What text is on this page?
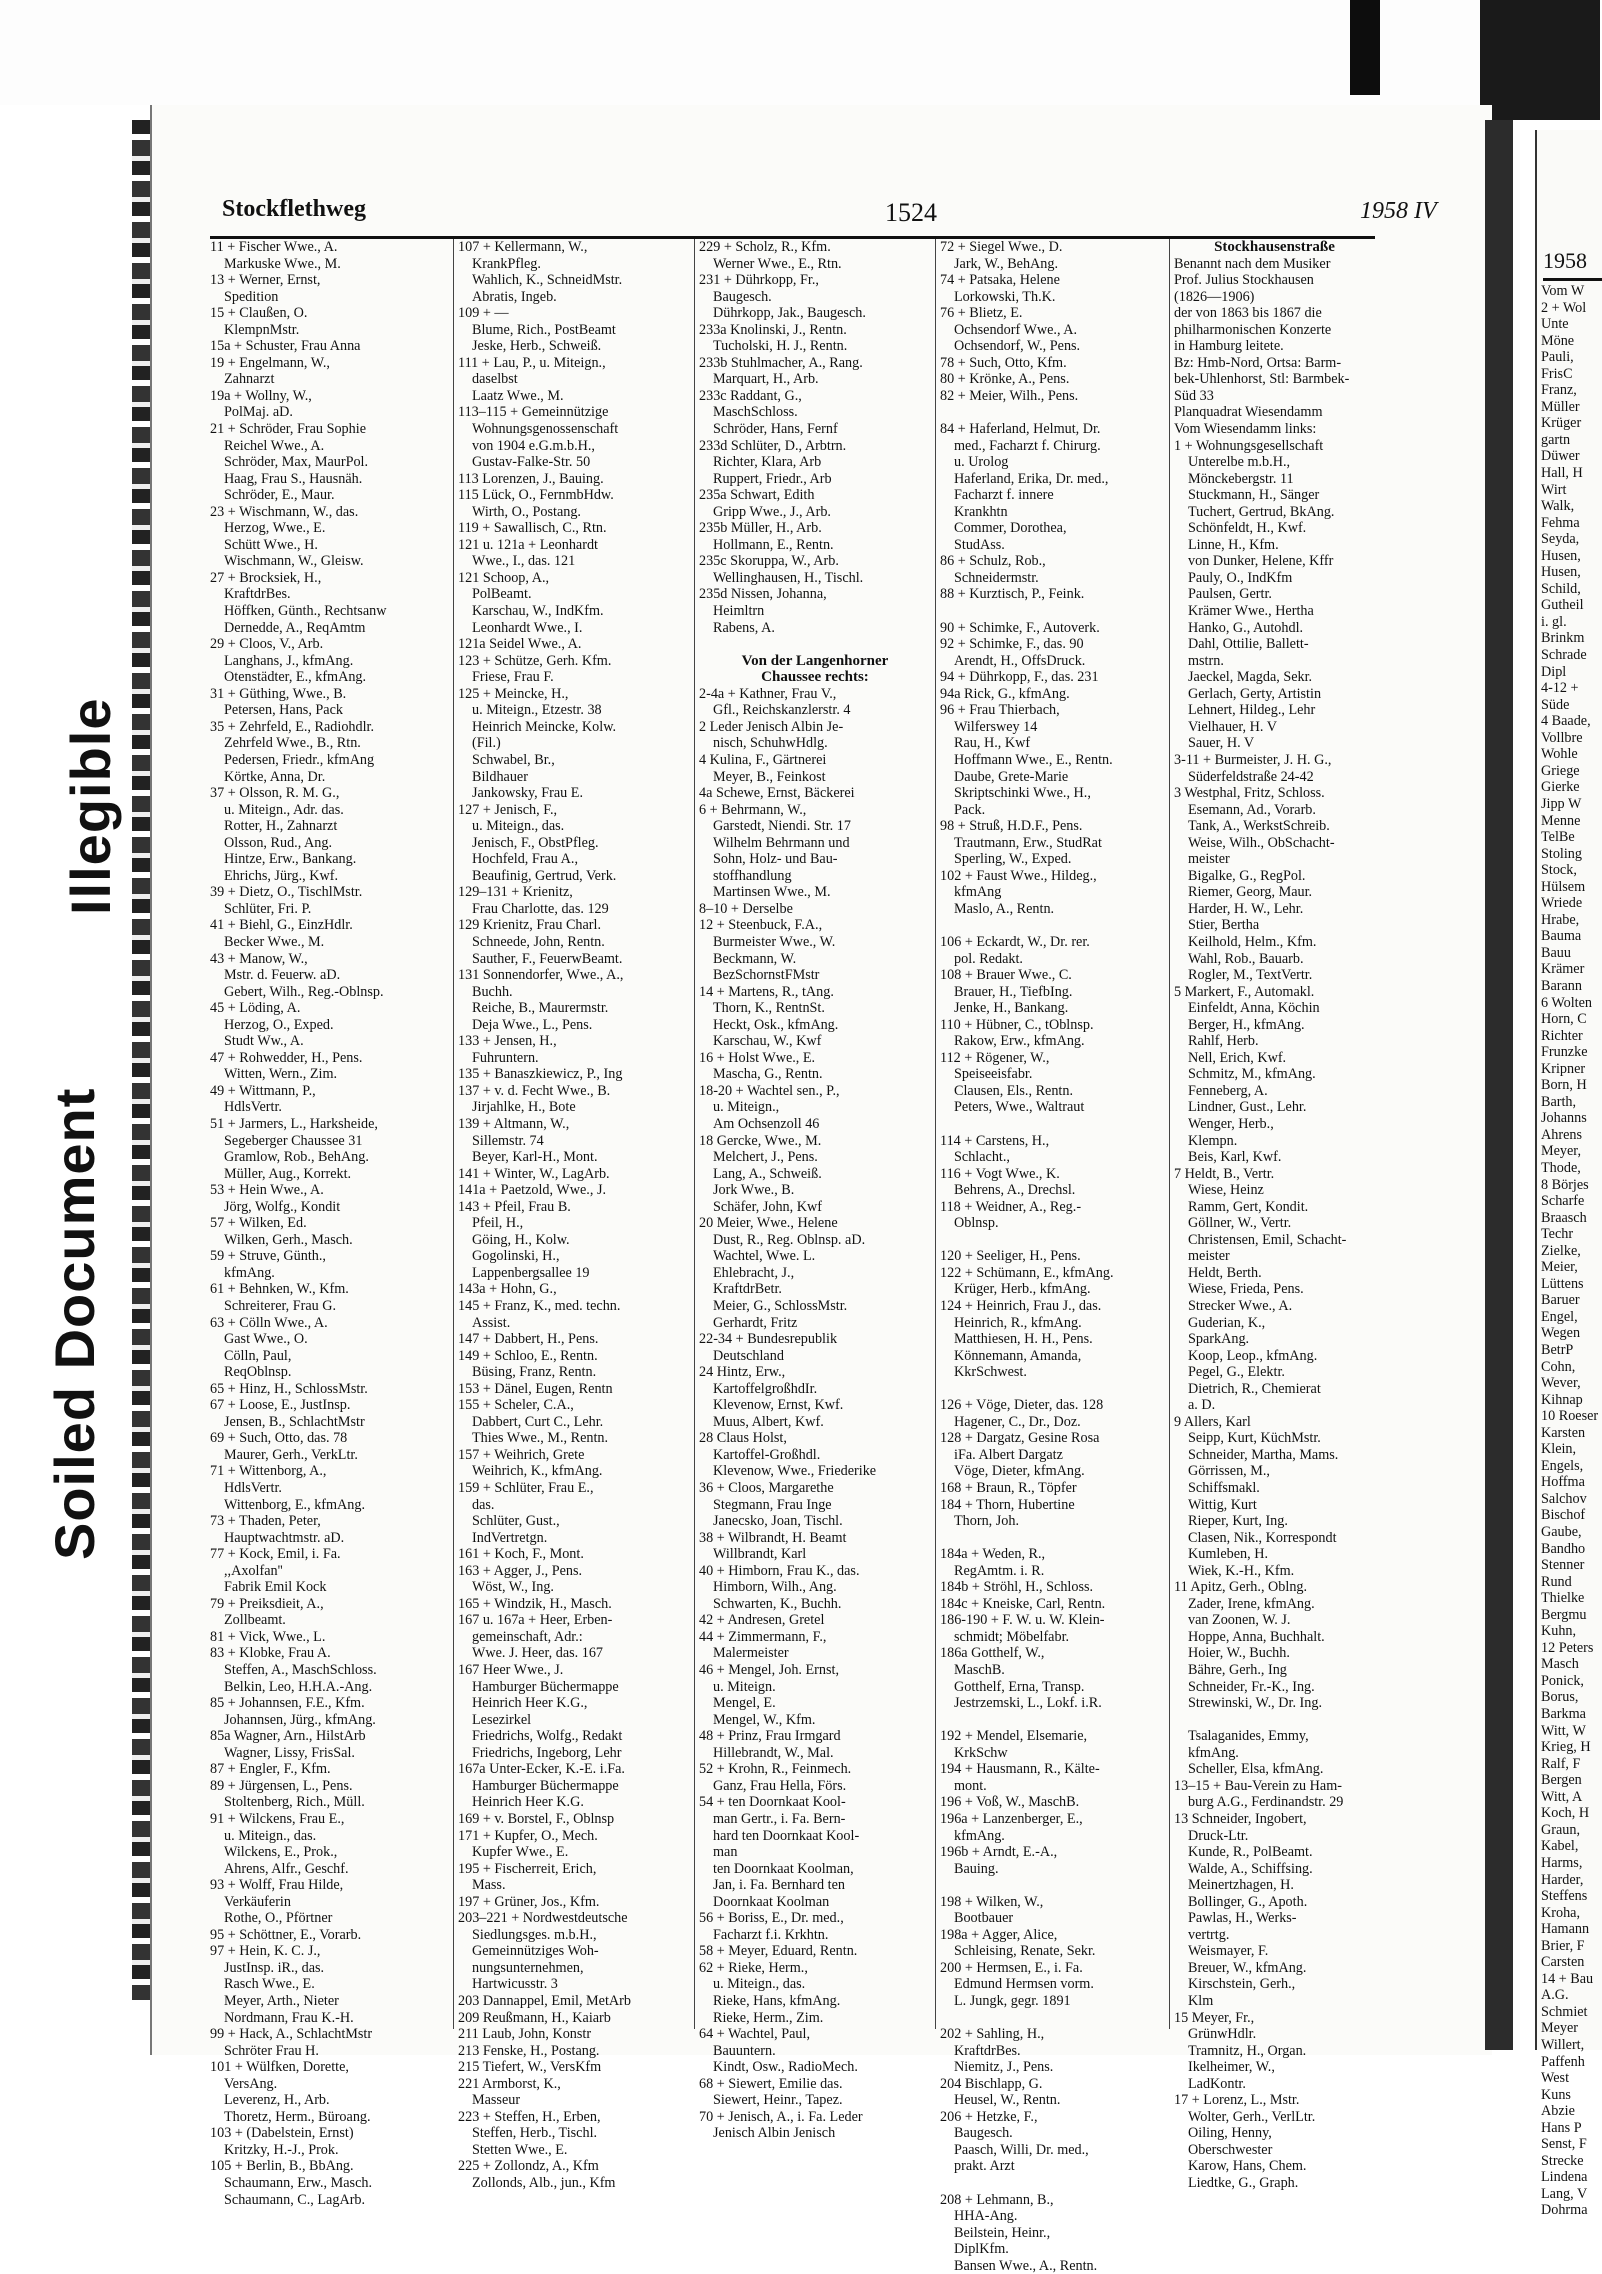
Illegible
Soiled Document
Stockflethweg	1524	1958 IV
11 + Fischer Wwe., A.
Markuske Wwe., M.
13 + Werner, Ernst,
Spedition
15 + Claußen, O.
KlempnMstr.
15a + Schuster, Frau Anna
19 + Engelmann, W.,
Zahnarzt
19a + Wollny, W.,
PolMaj. aD.
21 + Schröder, Frau Sophie
Reichel Wwe., A.
Schröder, Max, MaurPol.
Haag, Frau S., Hausnäh.
Schröder, E., Maur.
23 + Wischmann, W., das.
Herzog, Wwe., E.
Schütt Wwe., H.
Wischmann, W., Gleisw.
27 + Brocksiek, H.,
KraftdrBes.
Höffken, Günth., Rechtsanw
Dernedde, A., ReqAmtm
29 + Cloos, V., Arb.
Langhans, J., kfmAng.
Otenstädter, E., kfmAng.
31 + Güthing, Wwe., B.
Petersen, Hans, Pack
35 + Zehrfeld, E., Radiohdlr.
Zehrfeld Wwe., B., Rtn.
Pedersen, Friedr., kfmAng
Körtke, Anna, Dr.
37 + Olsson, R. M. G.,
u. Miteign., Adr. das.
Rotter, H., Zahnarzt
Olsson, Rud., Ang.
Hintze, Erw., Bankang.
Ehrichs, Jürg., Kwf.
39 + Dietz, O., TischlMstr.
Schlüter, Fri. P.
41 + Biehl, G., EinzHdlr.
Becker Wwe., M.
43 + Manow, W.,
Mstr. d. Feuerw. aD.
Gebert, Wilh., Reg.-Oblnsp.
45 + Löding, A.
Herzog, O., Exped.
Studt Ww., A.
47 + Rohwedder, H., Pens.
Witten, Wern., Zim.
49 + Wittmann, P.,
HdlsVertr.
51 + Jarmers, L., Harksheide,
Segeberger Chaussee 31
Gramlow, Rob., BehAng.
Müller, Aug., Korrekt.
53 + Hein Wwe., A.
Jörg, Wolfg., Kondit
57 + Wilken, Ed.
Wilken, Gerh., Masch.
59 + Struve, Günth.,
kfmAng.
61 + Behnken, W., Kfm.
Schreiterer, Frau G.
63 + Cölln Wwe., A.
Gast Wwe., O.
Cölln, Paul,
ReqOblnsp.
65 + Hinz, H., SchlossMstr.
67 + Loose, E., JustInsp.
Jensen, B., SchlachtMstr
69 + Such, Otto, das. 78
Maurer, Gerh., VerkLtr.
71 + Wittenborg, A.,
HdlsVertr.
Wittenborg, E., kfmAng.
73 + Thaden, Peter,
Hauptwachtmstr. aD.
77 + Kock, Emil, i. Fa.
,,Axolfan''
Fabrik Emil Kock
79 + Preiksdieit, A.,
Zollbeamt.
81 + Vick, Wwe., L.
83 + Klobke, Frau A.
Steffen, A., MaschSchloss.
Belkin, Leo, H.H.A.-Ang.
85 + Johannsen, F.E., Kfm.
Johannsen, Jürg., kfmAng.
85a Wagner, Arn., HilstArb
Wagner, Lissy, FrisSal.
87 + Engler, F., Kfm.
89 + Jürgensen, L., Pens.
Stoltenberg, Rich., Müll.
91 + Wilckens, Frau E.,
u. Miteign., das.
Wilckens, E., Prok.,
Ahrens, Alfr., Geschf.
93 + Wolff, Frau Hilde,
Verkäuferin
Rothe, O., Pförtner
95 + Schöttner, E., Vorarb.
97 + Hein, K. C. J.,
JustInsp. iR., das.
Rasch Wwe., E.
Meyer, Arth., Nieter
Nordmann, Frau K.-H.
99 + Hack, A., SchlachtMstr
Schröter Frau H.
101 + Wülfken, Dorette,
VersAng.
Leverenz, H., Arb.
Thoretz, Herm., Büroang.
103 + (Dabelstein, Ernst)
Kritzky, H.-J., Prok.
105 + Berlin, B., BbAng.
Schaumann, Erw., Masch.
Schaumann, C., LagArb.
107 + Kellermann, W.,
KrankPfleg.
Wahlich, K., SchneidMstr.
Abratis, Ingeb.
109 + —
Blume, Rich., PostBeamt
Jeske, Herb., Schweiß.
111 + Lau, P., u. Miteign.,
daselbst
Laatz Wwe., M.
113–115 + Gemeinnützige
Wohnungsgenossenschaft
von 1904 e.G.m.b.H.,
Gustav-Falke-Str. 50
113 Lorenzen, J., Bauing.
115 Lück, O., FernmbHdw.
Wirth, O., Postang.
119 + Sawallisch, C., Rtn.
121 u. 121a + Leonhardt
Wwe., I., das. 121
121 Schoop, A.,
PolBeamt.
Karschau, W., IndKfm.
Leonhardt Wwe., I.
121a Seidel Wwe., A.
123 + Schütze, Gerh. Kfm.
Friese, Frau F.
125 + Meincke, H.,
u. Miteign., Etzestr. 38
Heinrich Meincke, Kolw.
(Fil.)
Schwabel, Br.,
Bildhauer
Jankowsky, Frau E.
127 + Jenisch, F.,
u. Miteign., das.
Jenisch, F., ObstPfleg.
Hochfeld, Frau A.,
Beaufinig, Gertrud, Verk.
129–131 + Krienitz,
Frau Charlotte, das. 129
129 Krienitz, Frau Charl.
Schneede, John, Rentn.
Sauther, F., FeuerwBeamt.
131 Sonnendorfer, Wwe., A.,
Buchh.
Reiche, B., Maurermstr.
Deja Wwe., L., Pens.
133 + Jensen, H.,
Fuhruntern.
135 + Banaszkiewicz, P., Ing
137 + v. d. Fecht Wwe., B.
Jirjahlke, H., Bote
139 + Altmann, W.,
Sillemstr. 74
Beyer, Karl-H., Mont.
141 + Winter, W., LagArb.
141a + Paetzold, Wwe., J.
143 + Pfeil, Frau B.
Pfeil, H.,
Göing, H., Kolw.
Gogolinski, H.,
Lappenbergsallee 19
143a + Hohn, G.,
145 + Franz, K., med. techn.
Assist.
147 + Dabbert, H., Pens.
149 + Schloo, E., Rentn.
Büsing, Franz, Rentn.
153 + Dänel, Eugen, Rentn
155 + Scheler, C.A.,
Dabbert, Curt C., Lehr.
Thies Wwe., M., Rentn.
157 + Weihrich, Grete
Weihrich, K., kfmAng.
159 + Schlüter, Frau E.,
das.
Schlüter, Gust.,
IndVertretgn.
161 + Koch, F., Mont.
163 + Agger, J., Pens.
Wöst, W., Ing.
165 + Windzik, H., Masch.
167 u. 167a + Heer, Erben-
gemeinschaft, Adr.:
Wwe. J. Heer, das. 167
167 Heer Wwe., J.
Hamburger Büchermappe
Heinrich Heer K.G.,
Lesezirkel
Friedrichs, Wolfg., Redakt
Friedrichs, Ingeborg, Lehr
167a Unter-Ecker, K.-E. i.Fa.
Hamburger Büchermappe
Heinrich Heer K.G.
169 + v. Borstel, F., Oblnsp
171 + Kupfer, O., Mech.
Kupfer Wwe., E.
195 + Fischerreit, Erich,
Mass.
197 + Grüner, Jos., Kfm.
203–221 + Nordwestdeutsche
Siedlungsges. m.b.H.,
Gemeinnütziges Woh-
nungsunternehmen,
Hartwicusstr. 3
203 Dannappel, Emil, MetArb
209 Reußmann, H., Kaiarb
211 Laub, John, Konstr
213 Fenske, H., Postang.
215 Tiefert, W., VersKfm
221 Armborst, K.,
Masseur
223 + Steffen, H., Erben,
Steffen, Herb., Tischl.
Stetten Wwe., E.
225 + Zollondz, A., Kfm
Zollonds, Alb., jun., Kfm
229 + Scholz, R., Kfm.
Werner Wwe., E., Rtn.
231 + Dührkopp, Fr.,
Baugesch.
Dührkopp, Jak., Baugesch.
233a Knolinski, J., Rentn.
Tucholski, H. J., Rentn.
233b Stuhlmacher, A., Rang.
Marquart, H., Arb.
233c Raddant, G.,
MaschSchloss.
Schröder, Hans, Fernf
233d Schlüter, D., Arbtrn.
Richter, Klara, Arb
Ruppert, Friedr., Arb
235a Schwart, Edith
Gripp Wwe., J., Arb.
235b Müller, H., Arb.
Hollmann, E., Rentn.
235c Skoruppa, W., Arb.
Wellinghausen, H., Tischl.
235d Nissen, Johanna,
Heimltrn
Rabens, A.

Von der Langenhorner
Chaussee rechts:
2-4a + Kathner, Frau V.,
Gfl., Reichskanzlerstr. 4
2 Leder Jenisch Albin Je-
nisch, SchuhwHdlg.
4 Kulina, F., Gärtnerei
Meyer, B., Feinkost
4a Schewe, Ernst, Bäckerei
6 + Behrmann, W.,
Garstedt, Niendi. Str. 17
Wilhelm Behrmann und
Sohn, Holz- und Bau-
stoffhandlung
Martinsen Wwe., M.
8–10 + Derselbe
12 + Steenbuck, F.A.,
Burmeister Wwe., W.
Beckmann, W.
BezSchornstFMstr
14 + Martens, R., tAng.
Thorn, K., RentnSt.
Heckt, Osk., kfmAng.
Karschau, W., Kwf
16 + Holst Wwe., E.
Mascha, G., Rentn.
18-20 + Wachtel sen., P.,
u. Miteign.,
Am Ochsenzoll 46
18 Gercke, Wwe., M.
Melchert, J., Pens.
Lang, A., Schweiß.
Jork Wwe., B.
Schäfer, John, Kwf
20 Meier, Wwe., Helene
Dust, R., Reg. Oblnsp. aD.
Wachtel, Wwe. L.
Ehlebracht, J.,
KraftdrBetr.
Meier, G., SchlossMstr.
Gerhardt, Fritz
22-34 + Bundesrepublik
Deutschland
24 Hintz, Erw.,
KartoffelgroßhdIr.
Klevenow, Ernst, Kwf.
Muus, Albert, Kwf.
28 Claus Holst,
Kartoffel-Großhdl.
Klevenow, Wwe., Friederike
36 + Cloos, Margarethe
Stegmann, Frau Inge
Janecsko, Joan, Tischl.
38 + Wilbrandt, H. Beamt
Willbrandt, Karl
40 + Himborn, Frau K., das.
Himborn, Wilh., Ang.
Schwarten, K., Buchh.
42 + Andresen, Gretel
44 + Zimmermann, F.,
Malermeister
46 + Mengel, Joh. Ernst,
u. Miteign.
Mengel, E.
Mengel, W., Kfm.
48 + Prinz, Frau Irmgard
Hillebrandt, W., Mal.
52 + Krohn, R., Feinmech.
Ganz, Frau Hella, Förs.
54 + ten Doornkaat Kool-
man Gertr., i. Fa. Bern-
hard ten Doornkaat Kool-
man
ten Doornkaat Koolman,
Jan, i. Fa. Bernhard ten
Doornkaat Koolman
56 + Boriss, E., Dr. med.,
Facharzt f.i. Krkhtn.
58 + Meyer, Eduard, Rentn.
62 + Rieke, Herm.,
u. Miteign., das.
Rieke, Hans, kfmAng.
Rieke, Herm., Zim.
64 + Wachtel, Paul,
Bauuntern.
Kindt, Osw., RadioMech.
68 + Siewert, Emilie das.
Siewert, Heinr., Tapez.
70 + Jenisch, A., i. Fa. Leder
Jenisch Albin Jenisch
72 + Siegel Wwe., D.
Jark, W., BehAng.
74 + Patsaka, Helene
Lorkowski, Th.K.
76 + Blietz, E.
Ochsendorf Wwe., A.
Ochsendorf, W., Pens.
78 + Such, Otto, Kfm.
80 + Krönke, A., Pens.
82 + Meier, Wilh., Pens.

84 + Haferland, Helmut, Dr.
med., Facharzt f. Chirurg.
u. Urolog
Haferland, Erika, Dr. med.,
Facharzt f. innere
Krankhtn
Commer, Dorothea,
StudAss.
86 + Schulz, Rob.,
Schneidermstr.
88 + Kurztisch, P., Feink.

90 + Schimke, F., Autoverk.
92 + Schimke, F., das. 90
Arendt, H., OffsDruck.
94 + Dührkopp, F., das. 231
94a Rick, G., kfmAng.
96 + Frau Thierbach,
Wilferswey 14
Rau, H., Kwf
Hoffmann Wwe., E., Rentn.
Daube, Grete-Marie
Skriptschinki Wwe., H.,
Pack.
98 + Struß, H.D.F., Pens.
Trautmann, Erw., StudRat
Sperling, W., Exped.
102 + Faust Wwe., Hildeg.,
kfmAng
Maslo, A., Rentn.

106 + Eckardt, W., Dr. rer.
pol. Redakt.
108 + Brauer Wwe., C.
Brauer, H., TiefbIng.
Jenke, H., Bankang.
110 + Hübner, C., tOblnsp.
Rakow, Erw., kfmAng.
112 + Rögener, W.,
Speiseeisfabr.
Clausen, Els., Rentn.
Peters, Wwe., Waltraut

114 + Carstens, H.,
Schlacht.,
116 + Vogt Wwe., K.
Behrens, A., Drechsl.
118 + Weidner, A., Reg.-
Oblnsp.

120 + Seeliger, H., Pens.
122 + Schümann, E., kfmAng.
Krüger, Herb., kfmAng.
124 + Heinrich, Frau J., das.
Heinrich, R., kfmAng.
Matthiesen, H. H., Pens.
Könnemann, Amanda,
KkrSchwest.

126 + Vöge, Dieter, das. 128
Hagener, C., Dr., Doz.
128 + Dargatz, Gesine Rosa
iFa. Albert Dargatz
Vöge, Dieter, kfmAng.
168 + Braun, R., Töpfer
184 + Thorn, Hubertine
Thorn, Joh.

184a + Weden, R.,
RegAmtm. i. R.
184b + Ströhl, H., Schloss.
184c + Kneiske, Carl, Rentn.
186-190 + F. W. u. W. Klein-
schmidt; Möbelfabr.
186a Gotthelf, W.,
MaschB.
Gotthelf, Erna, Transp.
Jestrzemski, L., Lokf. i.R.

192 + Mendel, Elsemarie,
KrkSchw
194 + Hausmann, R., Kälte-
mont.
196 + Voß, W., MaschB.
196a + Lanzenberger, E.,
kfmAng.
196b + Arndt, E.-A.,
Bauing.

198 + Wilken, W.,
Bootbauer
198a + Agger, Alice,
Schleising, Renate, Sekr.
200 + Hermsen, E., i. Fa.
Edmund Hermsen vorm.
L. Jungk, gegr. 1891

202 + Sahling, H.,
KraftdrBes.
Niemitz, J., Pens.
204 Bischlapp, G.
Heusel, W., Rentn.
206 + Hetzke, F.,
Baugesch.
Paasch, Willi, Dr. med.,
prakt. Arzt

208 + Lehmann, B.,
HHA-Ang.
Beilstein, Heinr.,
DiplKfm.
Bansen Wwe., A., Rentn.
Stockhausenstraße
Benannt nach dem Musiker
Prof. Julius Stockhausen
(1826—1906)
der von 1863 bis 1867 die
philharmonischen Konzerte
in Hamburg leitete.
Bz: Hmb-Nord, Ortsa: Barm-
bek-Uhlenhorst, Stl: Barmbek-
Süd 33
Planquadrat Wiesendamm
Vom Wiesendamm links:
1 + Wohnungsgesellschaft
Unterelbe m.b.H.,
Mönckebergstr. 11
Stuckmann, H., Sänger
Tuchert, Gertrud, BkAng.
Schönfeldt, H., Kwf.
Linne, H., Kfm.
von Dunker, Helene, Kffr
Pauly, O., IndKfm
Paulsen, Gertr.
Krämer Wwe., Hertha
Hanko, G., Autohdl.
Dahl, Ottilie, Ballett-
mstrn.
Jaeckel, Magda, Sekr.
Gerlach, Gerty, Artistin
Lehnert, Hildeg., Lehr
Vielhauer, H. V
Sauer, H. V
3-11 + Burmeister, J. H. G.,
Süderfeldstraße 24-42
3 Westphal, Fritz, Schloss.
Esemann, Ad., Vorarb.
Tank, A., WerkstSchreib.
Weise, Wilh., ObSchacht-
meister
Bigalke, G., RegPol.
Riemer, Georg, Maur.
Harder, H. W., Lehr.
Stier, Bertha
Keilhold, Helm., Kfm.
Wahl, Rob., Bauarb.
Rogler, M., TextVertr.
5 Markert, F., Automakl.
Einfeldt, Anna, Köchin
Berger, H., kfmAng.
Rahlf, Herb.
Nell, Erich, Kwf.
Schmitz, M., kfmAng.
Fenneberg, A.
Lindner, Gust., Lehr.
Wenger, Herb.,
Klempn.
Beis, Karl, Kwf.
7 Heldt, B., Vertr.
Wiese, Heinz
Ramm, Gert, Kondit.
Göllner, W., Vertr.
Christensen, Emil, Schacht-
meister
Heldt, Berth.
Wiese, Frieda, Pens.
Strecker Wwe., A.
Guderian, K.,
SparkAng.
Koop, Leop., kfmAng.
Pegel, G., Elektr.
Dietrich, R., Chemierat
a. D.
9 Allers, Karl
Seipp, Kurt, KüchMstr.
Schneider, Martha, Mams.
Görrissen, M.,
Schiffsmakl.
Wittig, Kurt
Rieper, Kurt, Ing.
Clasen, Nik., Korrespondt
Kumleben, H.
Wiek, K.-H., Kfm.
11 Apitz, Gerh., Oblng.
Zader, Irene, kfmAng.
van Zoonen, W. J.
Hoppe, Anna, Buchhalt.
Hoier, W., Buchh.
Bähre, Gerh., Ing
Schneider, Fr.-K., Ing.
Strewinski, W., Dr. Ing.

Tsalaganides, Emmy,
kfmAng.
Scheller, Elsa, kfmAng.
13–15 + Bau-Verein zu Ham-
burg A.G., Ferdinandstr. 29
13 Schneider, Ingobert,
Druck-Ltr.
Kunde, R., PolBeamt.
Walde, A., Schiffsing.
Meinertzhagen, H.
Bollinger, G., Apoth.
Pawlas, H., Werks-
vertrtg.
Weismayer, F.
Breuer, W., kfmAng.
Kirschstein, Gerh.,
Klm
15 Meyer, Fr.,
GrünwHdlr.
Tramnitz, H., Organ.
Ikelheimer, W.,
LadKontr.
17 + Lorenz, L., Mstr.
Wolter, Gerh., VerlLtr.
Oiling, Henny,
Oberschwester
Karow, Hans, Chem.
Liedtke, G., Graph.
1958
Vom W
2 + Wol
Unte
Möne
Pauli,
FrisC
Franz,
Müller
Krüger
gartn
Düwer
Hall, H
Wirt
Walk,
Fehma
Seyda,
Husen,
Husen,
Schild,
Gutheil
i. gl.
Brinkm
Schrade
Dipl
4-12 +
Süde
4 Baade,
Vollbre
Wohle
Griege
Gierke
Jipp W
Menne
TelBe
Stoling
Stock,
Hülsem
Wriede
Hrabe,
Bauma
Bauu
Krämer
Barann
6 Wolten
Horn, C
Richter
Frunzke
Kripner
Born, H
Barth,
Johanns
Ahrens
Meyer,
Thode,
8 Börjes
Scharfe
Braasch
Techr
Zielke,
Meier,
Lüttens
Baruer
Engel,
Wegen
BetrP
Cohn,
Wever,
Kihnap
10 Roeser
Karsten
Klein,
Engels,
Hoffma
Salchov
Bischof
Gaube,
Bandho
Stenner
Rund
Thielke
Bergmu
Kuhn,
12 Peters
Masch
Ponick,
Borus,
Barkma
Witt, W
Krieg, H
Ralf, F
Bergen
Witt, A
Koch, H
Graun,
Kabel,
Harms,
Harder,
Steffens
Kroha,
Hamann
Brier, F
Carsten
14 + Bau
A.G.
Schmiet
Meyer
Willert,
Paffenh
West
Kuns
Abzie
Hans P
Senst, F
Strecke
Lindena
Lang, V
Dohrma
